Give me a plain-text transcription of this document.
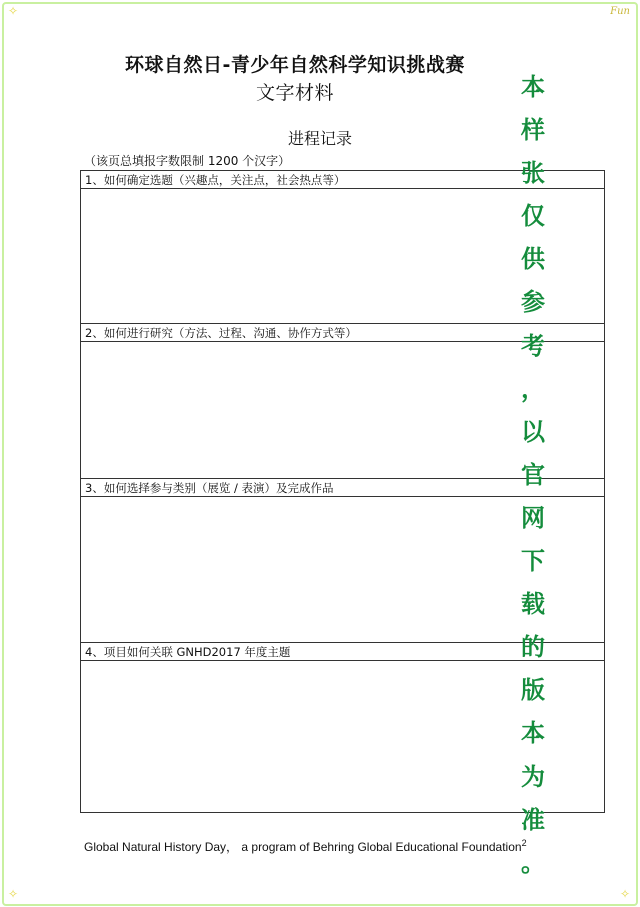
✧
✧	✧
Fun
环球自然日-青少年自然科学知识挑战赛
文字材料
进程记录
（该页总填报字数限制 1200 个汉字）
1、如何确定选题（兴趣点，关注点，社会热点等）

2、如何进行研究（方法、过程、沟通、协作方式等）

3、如何选择参与类别（展览 / 表演）及完成作品

4、项目如何关联 GNHD2017 年度主题

Global Natural History Day， a program of Behring Global Educational Foundation$^2$
本
样
张
仅
供
参
考
，
以
官
网
下
载
的
版
本
为
准
。
